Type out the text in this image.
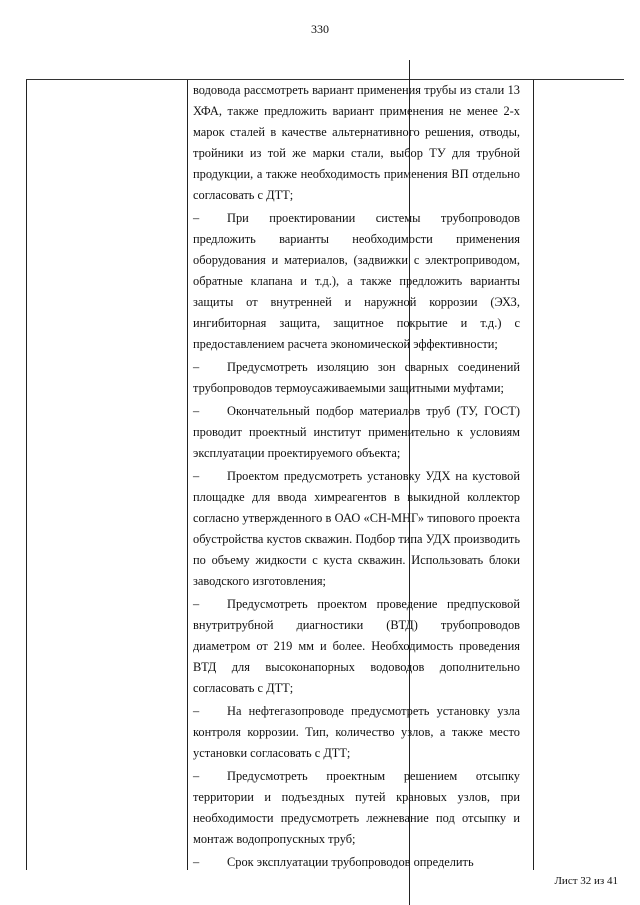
330

водовода рассмотреть вариант применения трубы из стали 13 ХФА, также предложить вариант применения не менее 2-х марок сталей в качестве альтернативного решения, отводы, тройники из той же марки стали, выбор ТУ для трубной продукции, а также необходимость применения ВП отдельно согласовать с ДТТ;

– При проектировании системы трубопроводов предложить варианты необходимости применения оборудования и материалов, (задвижки с электроприводом, обратные клапана и т.д.), а также предложить варианты защиты от внутренней и наружной коррозии (ЭХЗ, ингибиторная защита, защитное покрытие и т.д.) с предоставлением расчета экономической эффективности;

– Предусмотреть изоляцию зон сварных соединений трубопроводов термоусаживаемыми защитными муфтами;

– Окончательный подбор материалов труб (ТУ, ГОСТ) проводит проектный институт применительно к условиям эксплуатации проектируемого объекта;

– Проектом предусмотреть установку УДХ на кустовой площадке для ввода химреагентов в выкидной коллектор согласно утвержденного в ОАО «СН-МНГ» типового проекта обустройства кустов скважин. Подбор типа УДХ производить по объему жидкости с куста скважин. Использовать блоки заводского изготовления;

– Предусмотреть проектом проведение предпусковой внутритрубной диагностики (ВТД) трубопроводов диаметром от 219 мм и более. Необходимость проведения ВТД для высоконапорных водоводов дополнительно согласовать с ДТТ;

– На нефтегазопроводе предусмотреть установку узла контроля коррозии. Тип, количество узлов, а также место установки согласовать с ДТТ;

– Предусмотреть проектным решением отсыпку территории и подъездных путей крановых узлов, при необходимости предусмотреть лежневание под отсыпку и монтаж водопропускных труб;

– Срок эксплуатации трубопроводов определить

Лист 32 из 41
